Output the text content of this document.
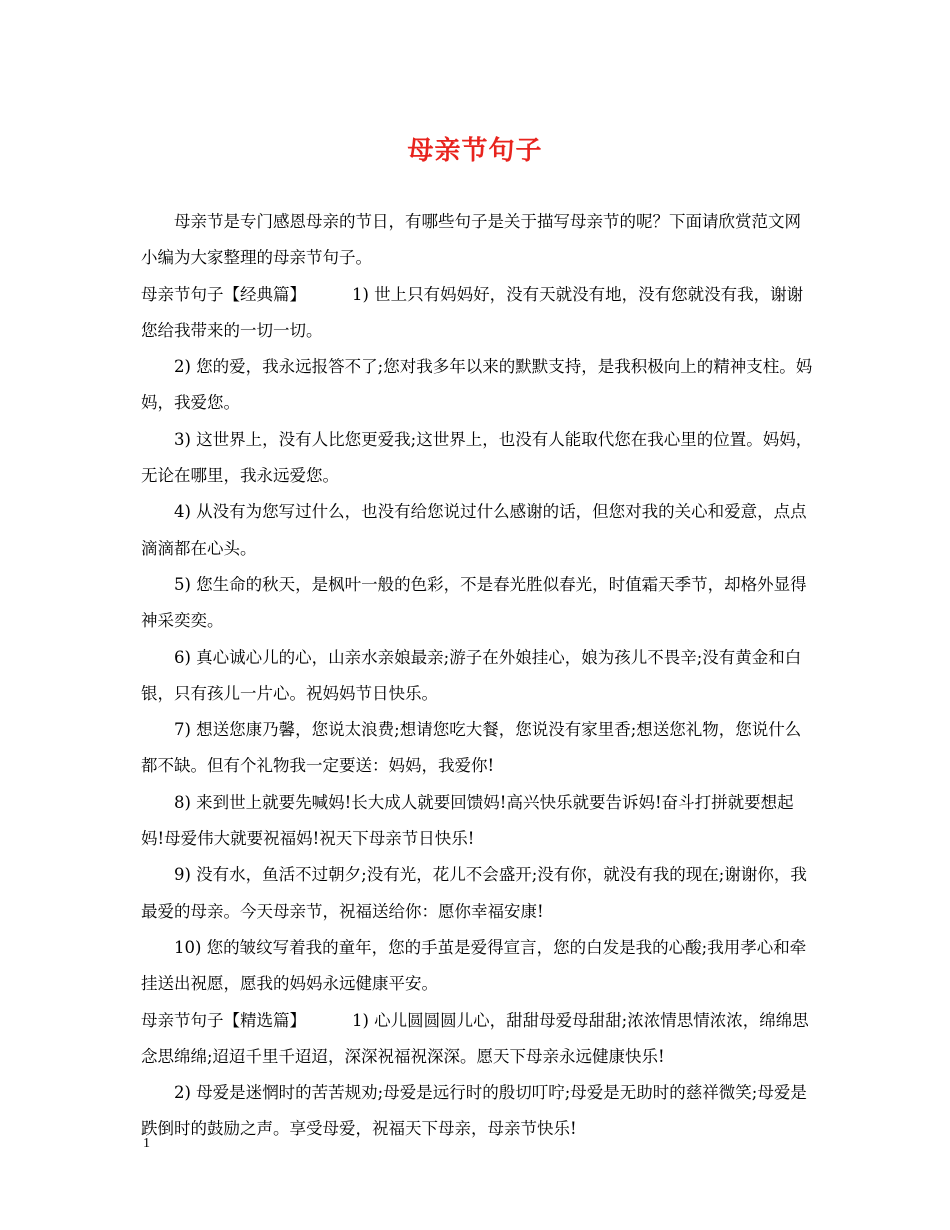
母亲节句子

母亲节是专门感恩母亲的节日，有哪些句子是关于描写母亲节的呢？下面请欣赏范文网小编为大家整理的母亲节句子。

母亲节句子【经典篇】	1) 世上只有妈妈好，没有天就没有地，没有您就没有我，谢谢您给我带来的一切一切。

2) 您的爱，我永远报答不了;您对我多年以来的默默支持，是我积极向上的精神支柱。妈妈，我爱您。

3) 这世界上，没有人比您更爱我;这世界上，也没有人能取代您在我心里的位置。妈妈，无论在哪里，我永远爱您。

4) 从没有为您写过什么，也没有给您说过什么感谢的话，但您对我的关心和爱意，点点滴滴都在心头。

5) 您生命的秋天，是枫叶一般的色彩，不是春光胜似春光，时值霜天季节，却格外显得神采奕奕。

6) 真心诚心儿的心，山亲水亲娘最亲;游子在外娘挂心，娘为孩儿不畏辛;没有黄金和白银，只有孩儿一片心。祝妈妈节日快乐。

7) 想送您康乃馨，您说太浪费;想请您吃大餐，您说没有家里香;想送您礼物，您说什么都不缺。但有个礼物我一定要送：妈妈，我爱你!

8) 来到世上就要先喊妈!长大成人就要回馈妈!高兴快乐就要告诉妈!奋斗打拼就要想起妈!母爱伟大就要祝福妈!祝天下母亲节日快乐!

9) 没有水，鱼活不过朝夕;没有光，花儿不会盛开;没有你，就没有我的现在;谢谢你，我最爱的母亲。今天母亲节，祝福送给你：愿你幸福安康!

10) 您的皱纹写着我的童年，您的手茧是爱得宣言，您的白发是我的心酸;我用孝心和牵挂送出祝愿，愿我的妈妈永远健康平安。

母亲节句子【精选篇】	1) 心儿圆圆圆儿心，甜甜母爱母甜甜;浓浓情思情浓浓，绵绵思念思绵绵;迢迢千里千迢迢，深深祝福祝深深。愿天下母亲永远健康快乐!

2) 母爱是迷惘时的苦苦规劝;母爱是远行时的殷切叮咛;母爱是无助时的慈祥微笑;母爱是跌倒时的鼓励之声。享受母爱，祝福天下母亲，母亲节快乐!

1
